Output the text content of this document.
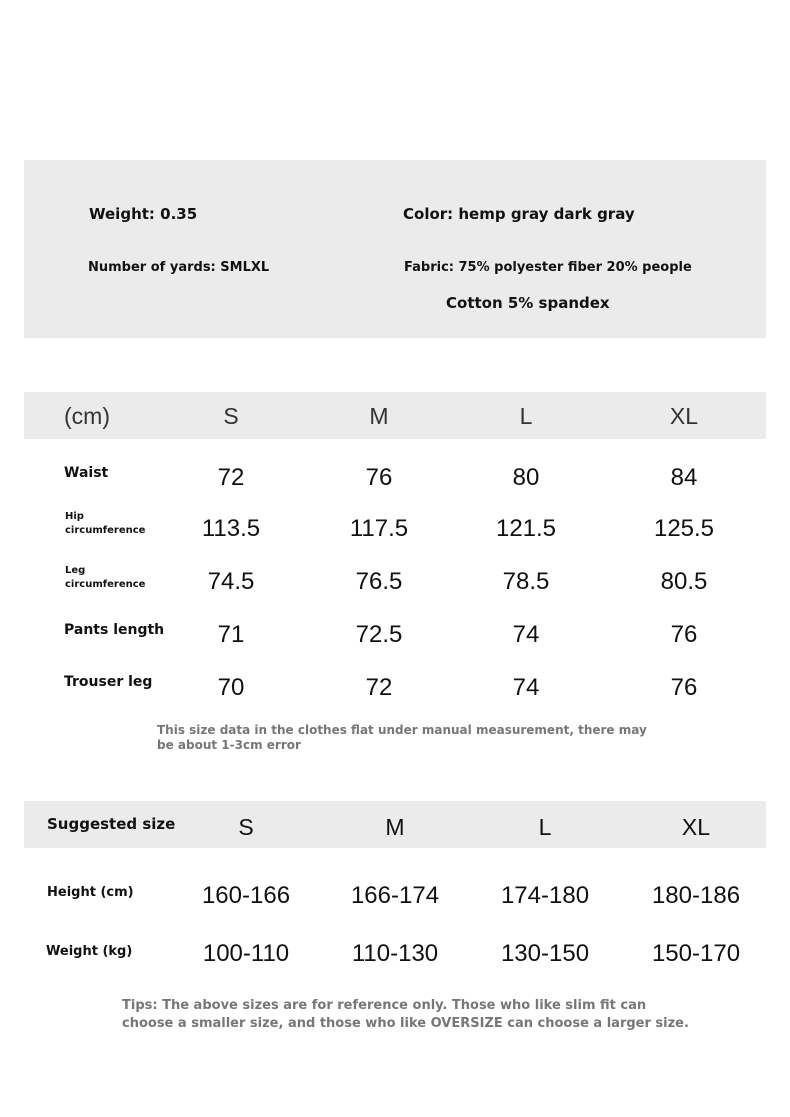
Weight: 0.35	Color: hemp gray dark gray
Number of yards: SMLXL	Fabric: 75% polyester fiber 20% people
Cotton 5% spandex
(cm)	S	M	L	XL
Waist	72	76	80	84
Hip
circumference 113.5	117.5	121.5	125.5
Leg
circumference	74.5	76.5	78.5	80.5
Pants length 71	72.5	74	76
Trouser leg	70	72	74	76
This size data in the clothes flat under manual measurement, there may be about 1-3cm error
Suggested size	S	M	L	XL
Height (cm)	160-166	166-174	174-180	180-186
Weight (kg)	100-110	110-130	130-150	150-170
Tips: The above sizes are for reference only. Those who like slim fit can choose a smaller size, and those who like OVERSIZE can choose a larger size.
